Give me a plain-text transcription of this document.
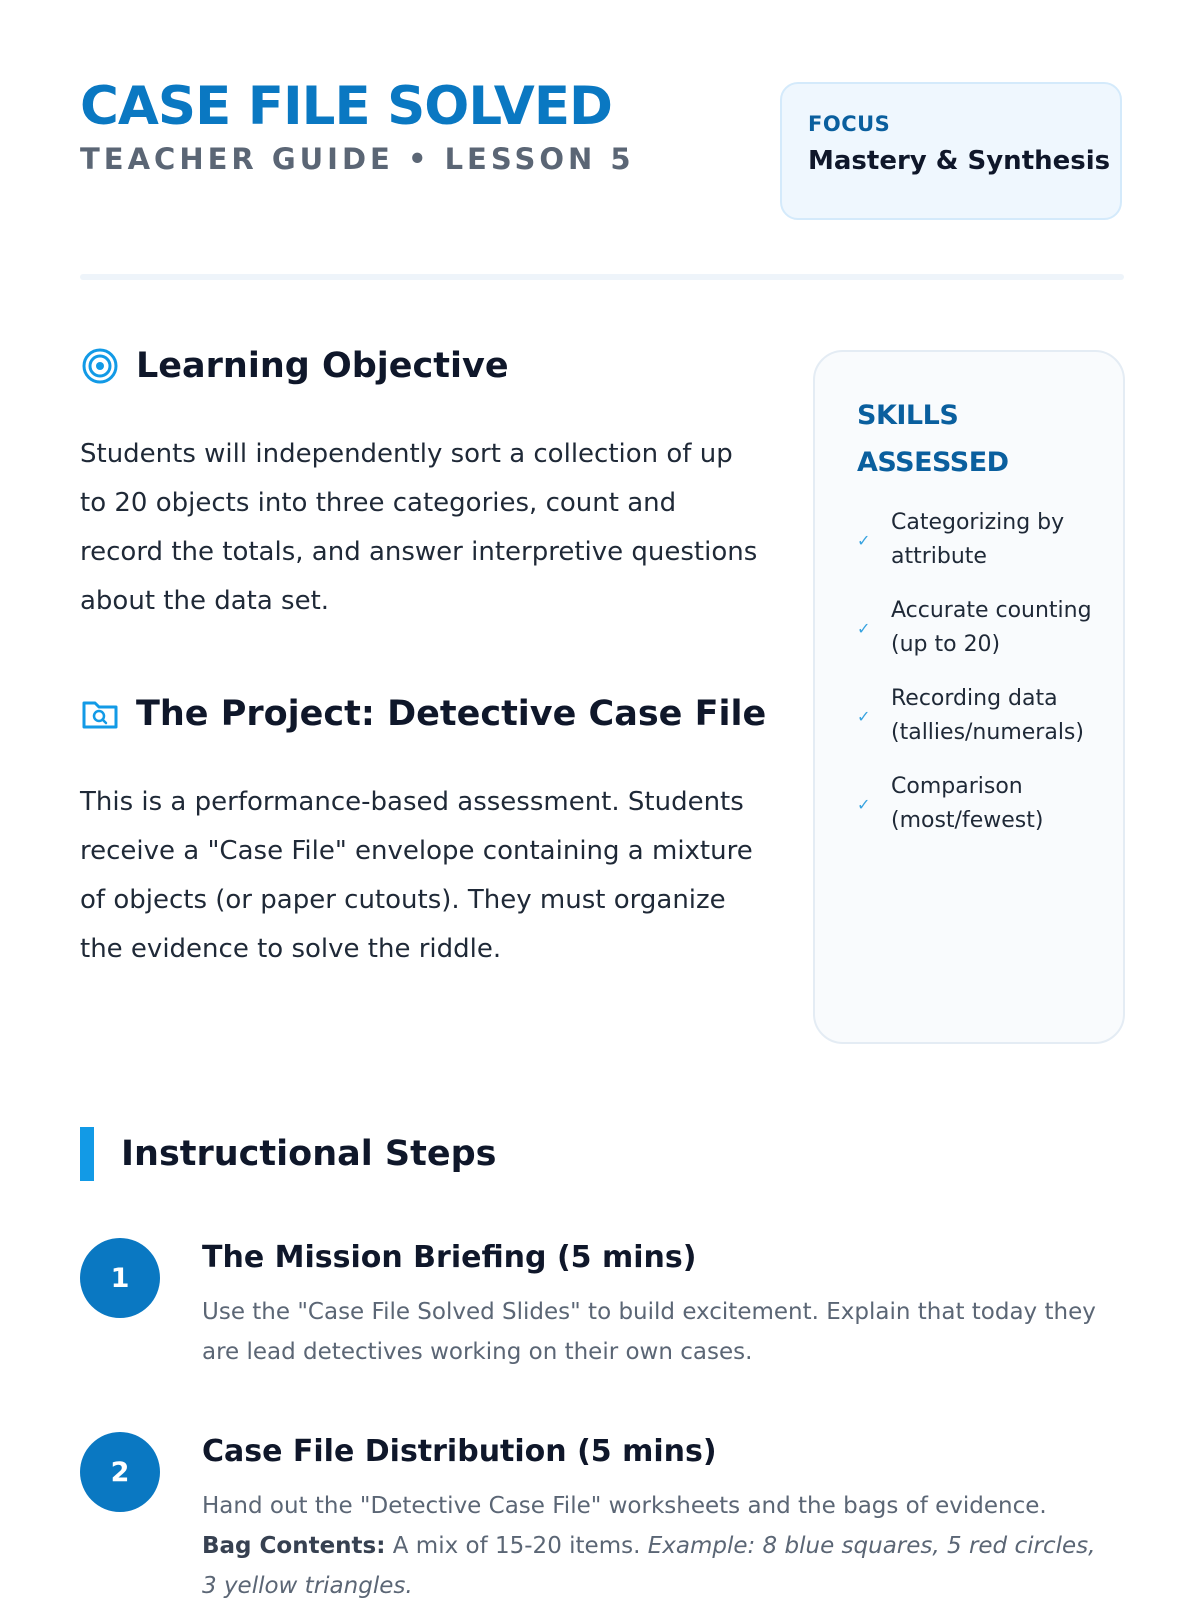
CASE FILE SOLVED
TEACHER GUIDE • LESSON 5
FOCUS
Mastery & Synthesis
Learning Objective

Students will independently sort a collection of up to 20 objects into three categories, count and record the totals, and answer interpretive questions about the data set.

The Project: Detective Case File

This is a performance-based assessment. Students receive a "Case File" envelope containing a mixture of objects (or paper cutouts). They must organize the evidence to solve the riddle.

SKILLS ASSESSED
✓
Categorizing by attribute
✓
Accurate counting (up to 20)
✓
Recording data (tallies/numerals)
✓
Comparison (most/fewest)
Instructional Steps
1
The Mission Briefing (5 mins)
Use the "Case File Solved Slides" to build excitement. Explain that today they are lead detectives working on their own cases.
2
Case File Distribution (5 mins)
Hand out the "Detective Case File" worksheets and the bags of evidence.
Bag Contents: A mix of 15-20 items. Example: 8 blue squares, 5 red circles, 3 yellow triangles.
